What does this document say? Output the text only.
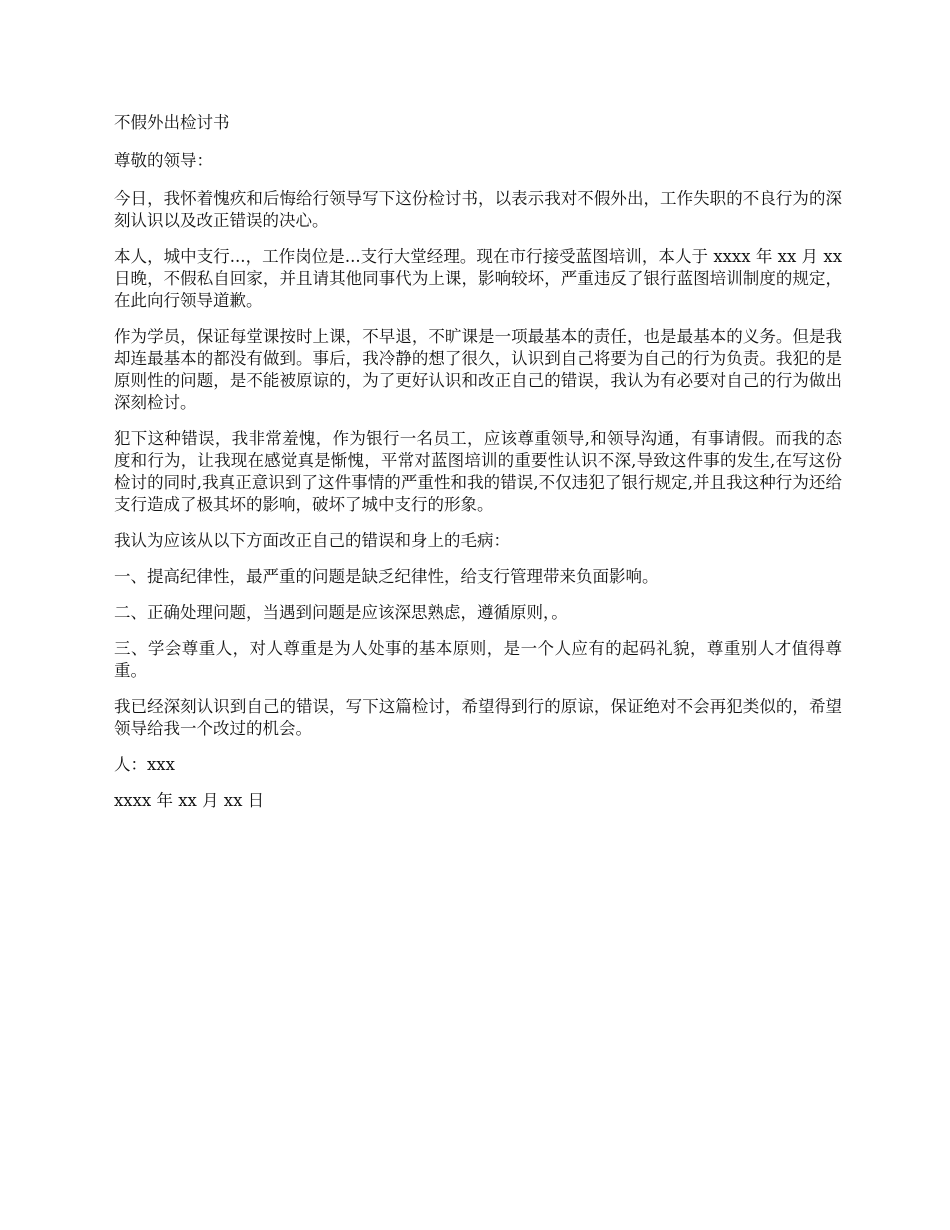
不假外出检讨书

尊敬的领导：

今日，我怀着愧疚和后悔给行领导写下这份检讨书，以表示我对不假外出，工作失职的不良行为的深刻认识以及改正错误的决心。

本人，城中支行...，工作岗位是...支行大堂经理。现在市行接受蓝图培训，本人于 xxxx 年 xx 月 xx 日晚，不假私自回家，并且请其他同事代为上课，影响较坏，严重违反了银行蓝图培训制度的规定，在此向行领导道歉。

作为学员，保证每堂课按时上课，不早退，不旷课是一项最基本的责任，也是最基本的义务。但是我却连最基本的都没有做到。事后，我冷静的想了很久，认识到自己将要为自己的行为负责。我犯的是原则性的问题，是不能被原谅的，为了更好认识和改正自己的错误，我认为有必要对自己的行为做出深刻检讨。

犯下这种错误，我非常羞愧，作为银行一名员工，应该尊重领导,和领导沟通，有事请假。而我的态度和行为，让我现在感觉真是惭愧，平常对蓝图培训的重要性认识不深,导致这件事的发生,在写这份检讨的同时,我真正意识到了这件事情的严重性和我的错误,不仅违犯了银行规定,并且我这种行为还给支行造成了极其坏的影响，破坏了城中支行的形象。

我认为应该从以下方面改正自己的错误和身上的毛病：

一、提高纪律性，最严重的问题是缺乏纪律性，给支行管理带来负面影响。

二、正确处理问题，当遇到问题是应该深思熟虑，遵循原则，。

三、学会尊重人，对人尊重是为人处事的基本原则，是一个人应有的起码礼貌，尊重别人才值得尊重。

我已经深刻认识到自己的错误，写下这篇检讨，希望得到行的原谅，保证绝对不会再犯类似的，希望领导给我一个改过的机会。

人：xxx

xxxx 年 xx 月 xx 日
